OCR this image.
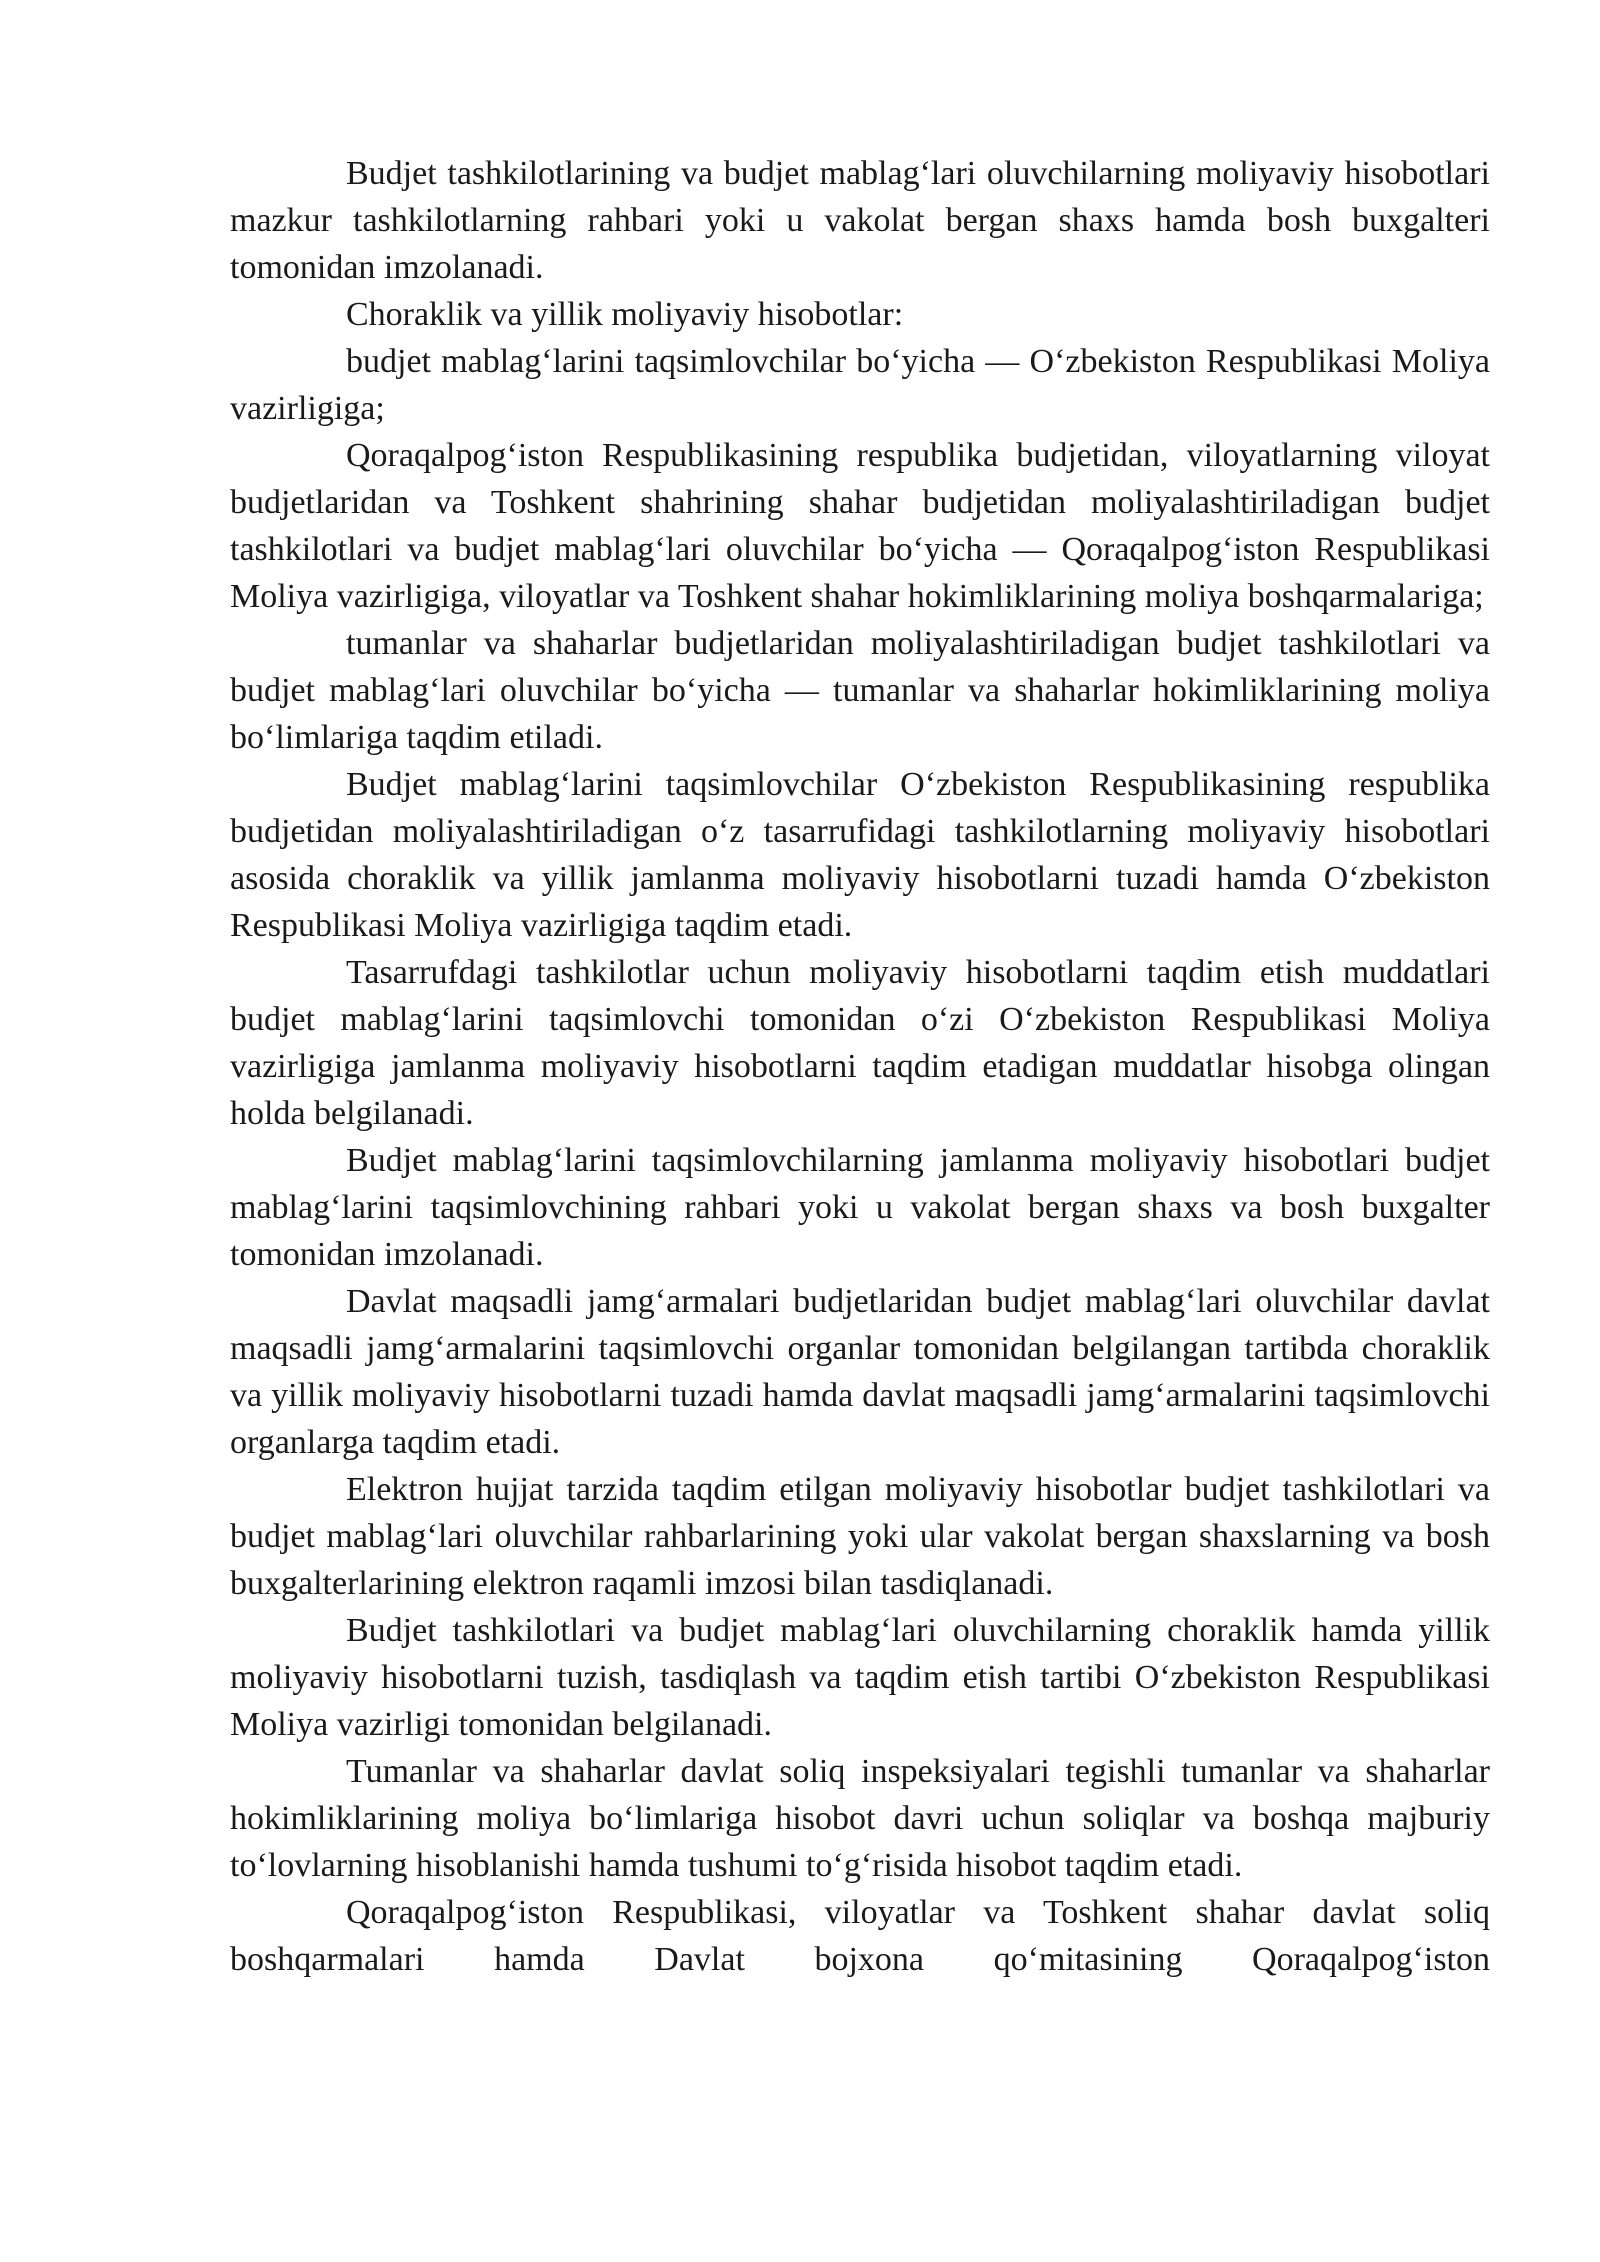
Budjet tashkilotlarining va budjet mablag‘lari oluvchilarning moliyaviy hisobotlari mazkur tashkilotlarning rahbari yoki u vakolat bergan shaxs hamda bosh buxgalteri tomonidan imzolanadi.

Choraklik va yillik moliyaviy hisobotlar:

budjet mablag‘larini taqsimlovchilar bo‘yicha — O‘zbekiston Respublikasi Moliya vazirligiga;

Qoraqalpog‘iston Respublikasining respublika budjetidan, viloyatlarning viloyat budjetlaridan va Toshkent shahrining shahar budjetidan moliyalashtiriladigan budjet tashkilotlari va budjet mablag‘lari oluvchilar bo‘yicha — Qoraqalpog‘iston Respublikasi Moliya vazirligiga, viloyatlar va Toshkent shahar hokimliklarining moliya boshqarmalariga;

tumanlar va shaharlar budjetlaridan moliyalashtiriladigan budjet tashkilotlari va budjet mablag‘lari oluvchilar bo‘yicha — tumanlar va shaharlar hokimliklarining moliya bo‘limlariga taqdim etiladi.

Budjet mablag‘larini taqsimlovchilar O‘zbekiston Respublikasining respublika budjetidan moliyalashtiriladigan o‘z tasarrufidagi tashkilotlarning moliyaviy hisobotlari asosida choraklik va yillik jamlanma moliyaviy hisobotlarni tuzadi hamda O‘zbekiston Respublikasi Moliya vazirligiga taqdim etadi.

Tasarrufdagi tashkilotlar uchun moliyaviy hisobotlarni taqdim etish muddatlari budjet mablag‘larini taqsimlovchi tomonidan o‘zi O‘zbekiston Respublikasi Moliya vazirligiga jamlanma moliyaviy hisobotlarni taqdim etadigan muddatlar hisobga olingan holda belgilanadi.

Budjet mablag‘larini taqsimlovchilarning jamlanma moliyaviy hisobotlari budjet mablag‘larini taqsimlovchining rahbari yoki u vakolat bergan shaxs va bosh buxgalter tomonidan imzolanadi.

Davlat maqsadli jamg‘armalari budjetlaridan budjet mablag‘lari oluvchilar davlat maqsadli jamg‘armalarini taqsimlovchi organlar tomonidan belgilangan tartibda choraklik va yillik moliyaviy hisobotlarni tuzadi hamda davlat maqsadli jamg‘armalarini taqsimlovchi organlarga taqdim etadi.

Elektron hujjat tarzida taqdim etilgan moliyaviy hisobotlar budjet tashkilotlari va budjet mablag‘lari oluvchilar rahbarlarining yoki ular vakolat bergan shaxslarning va bosh buxgalterlarining elektron raqamli imzosi bilan tasdiqlanadi.

Budjet tashkilotlari va budjet mablag‘lari oluvchilarning choraklik hamda yillik moliyaviy hisobotlarni tuzish, tasdiqlash va taqdim etish tartibi O‘zbekiston Respublikasi Moliya vazirligi tomonidan belgilanadi.

Tumanlar va shaharlar davlat soliq inspeksiyalari tegishli tumanlar va shaharlar hokimliklarining moliya bo‘limlariga hisobot davri uchun soliqlar va boshqa majburiy to‘lovlarning hisoblanishi hamda tushumi to‘g‘risida hisobot taqdim etadi.

Qoraqalpog‘iston Respublikasi, viloyatlar va Toshkent shahar davlat soliq boshqarmalari hamda Davlat bojxona qo‘mitasining Qoraqalpog‘iston
